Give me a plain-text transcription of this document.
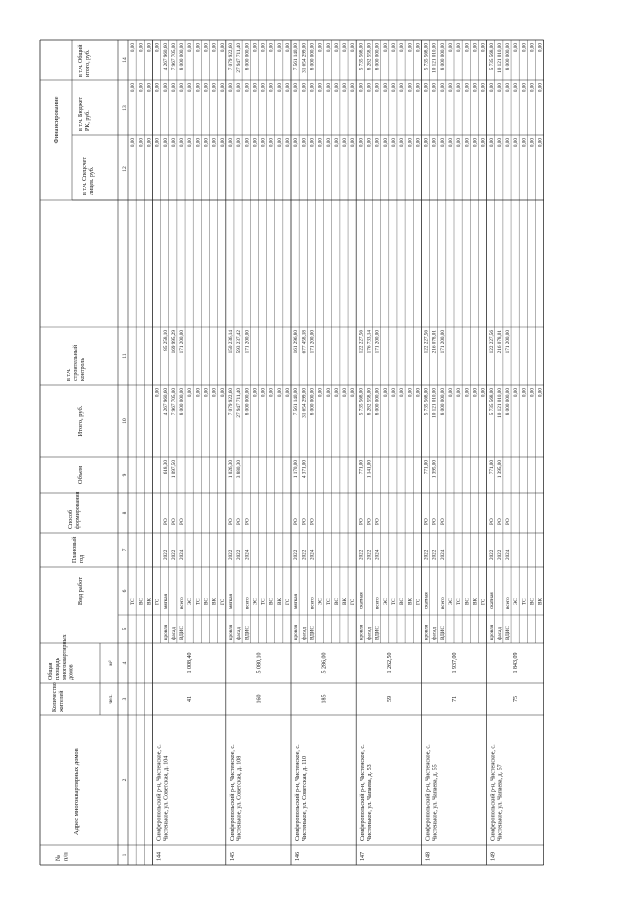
№п/п
Адрес многоквартирных домов
Количествожителей	чел.
Общаяплощадьмногоквартирныхдомов
м²
Вид работ
Плановыйгод
Способформирования
Объем
Итого, руб.
в т.ч.строительныйконтроль
Финансирование
в т.ч. Спецсчетлицев. руб.
в т.ч. БюджетРК, руб.
в т.ч. Общийитого, руб.
1
2
3
4
5
6
7
8
9
10
11
12
13
14
ТС
0,00
0,00
0,00
ВС
0,00
0,00
0,00
ВК
0,00
0,00
0,00
ГС
0,00
0,00
0,00
0,00
кровля
мягкая
2022
РО
618,30
4 267 960,60
85 258,10
0,00
0,00
4 267 960,60
фасад
2022
РО
1 097,50
7 967 705,00
169 995,29
0,00
0,00
7 967 705,00
ВДИС
всего
2024
РО
8 000 000,00
171 200,00
0,00
0,00
8 000 000,00
ЭС
0,00
0,00
0,00
0,00
ТС
0,00
0,00
0,00
0,00
ВС
0,00
0,00
0,00
0,00
ВК
0,00
0,00
0,00
0,00
ГС
0,00
0,00
0,00
0,00
144
Симферопольский р-н, Чистенское, с.Чистенькое, ул. Советская, д. 104
41
1 008,40
кровля
мягкая
2022
РО
1 026,30
7 079 922,60
150 236,14
0,00
0,00
7 079 922,60
фасад
2022
РО
3 880,30
27 947 711,40
593 237,42
0,00
0,00
27 947 711,40
ВДИС
всего
2024
РО
8 000 000,00
171 200,00
0,00
0,00
8 000 000,00
ЭС
0,00
0,00
0,00
0,00
ТС
0,00
0,00
0,00
0,00
ВС
0,00
0,00
0,00
0,00
ВК
0,00
0,00
0,00
0,00
ГС
0,00
0,00
0,00
0,00
145
Симферопольский р-н, Чистенское, с.Чистенькое, ул. Советская, д. 108
160
5 080,10
кровля
мягкая
2022
РО
1 170,00
7 561 140,00
161 296,80
0,00
0,00
7 561 140,00
фасад
2022
РО
4 371,00
31 654 299,00
677 458,18
0,00
0,00
31 654 299,00
ВДИС
всего
2024
РО
8 000 000,00
171 200,00
0,00
0,00
8 000 000,00
ЭС
0,00
0,00
0,00
0,00
ТС
0,00
0,00
0,00
0,00
ВС
0,00
0,00
0,00
0,00
ВК
0,00
0,00
0,00
0,00
ГС
0,00
0,00
0,00
0,00
146
Симферопольский р-н, Чистенское, с.Чистенькое, ул. Советская, д. 110
185
5 286,00
кровля
скатная
2022
РО
771,00
5 735 568,00
122 227,56
0,00
0,00
5 735 568,00
фасад
2022
РО
1 141,00
8 282 558,00
176 733,14
0,00
0,00
8 282 558,00
ВДИС
всего
2024
РО
8 000 000,00
171 200,00
0,00
0,00
8 000 000,00
ЭС
0,00
0,00
0,00
0,00
ТС
0,00
0,00
0,00
0,00
ВС
0,00
0,00
0,00
0,00
ВК
0,00
0,00
0,00
0,00
ГС
0,00
0,00
0,00
0,00
147
Симферопольский р-н, Чистенское, с.Чистенькое, ул. Чапаева, д. 53
59
1 262,50
кровля
скатная
2022
РО
771,00
5 735 568,00
122 227,56
0,00
0,00
5 735 568,00
фасад
2022
РО
1 395,00
10 121 010,00
216 078,01
0,00
0,00
10 121 010,00
ВДИС
всего
2024
РО
8 000 000,00
171 200,00
0,00
0,00
8 000 000,00
ЭС
0,00
0,00
0,00
0,00
ТС
0,00
0,00
0,00
0,00
ВС
0,00
0,00
0,00
0,00
ВК
0,00
0,00
0,00
0,00
ГС
0,00
0,00
0,00
0,00
148
Симферопольский р-н, Чистенское, с.Чистенькое, ул. Чапаева, д. 55
71
1 937,00
кровля
скатная
2022
РО
771,00
5 735 568,00
122 227,56
0,00
0,00
5 735 568,00
фасад
2022
РО
1 395,00
10 121 010,00
216 078,01
0,00
0,00
10 121 010,00
ВДИС
всего
2024
РО
8 000 000,00
171 200,00
0,00
0,00
8 000 000,00
ЭС
0,00
0,00
0,00
0,00
ТС
0,00
0,00
0,00
0,00
ВС
0,00
0,00
0,00
0,00
ВК
0,00
0,00
0,00
0,00
149
Симферопольский р-н, Чистенское, с.Чистенькое, ул. Чапаева, д. 57
75
1 843,09
